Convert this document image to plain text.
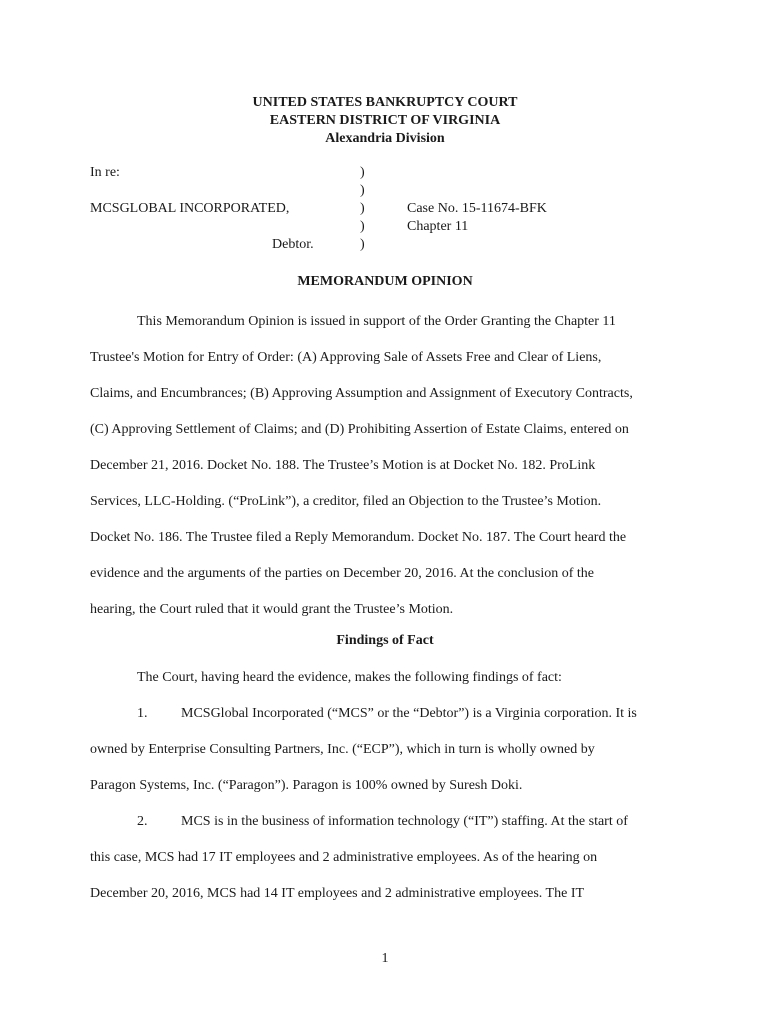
UNITED STATES BANKRUPTCY COURT
EASTERN DISTRICT OF VIRGINIA
Alexandria Division
In re:
MCSGLOBAL INCORPORATED,
Debtor.
)
)
)
)
)
Case No. 15-11674-BFK
Chapter 11
MEMORANDUM OPINION
This Memorandum Opinion is issued in support of the Order Granting the Chapter 11
Trustee's Motion for Entry of Order: (A) Approving Sale of Assets Free and Clear of Liens,
Claims, and Encumbrances; (B) Approving Assumption and Assignment of Executory Contracts,
(C) Approving Settlement of Claims; and (D) Prohibiting Assertion of Estate Claims, entered on
December 21, 2016. Docket No. 188. The Trustee’s Motion is at Docket No. 182. ProLink
Services, LLC-Holding. (“ProLink”), a creditor, filed an Objection to the Trustee’s Motion.
Docket No. 186. The Trustee filed a Reply Memorandum. Docket No. 187. The Court heard the
evidence and the arguments of the parties on December 20, 2016. At the conclusion of the
hearing, the Court ruled that it would grant the Trustee’s Motion.
Findings of Fact
The Court, having heard the evidence, makes the following findings of fact:
1. MCSGlobal Incorporated (“MCS” or the “Debtor”) is a Virginia corporation. It is
owned by Enterprise Consulting Partners, Inc. (“ECP”), which in turn is wholly owned by
Paragon Systems, Inc. (“Paragon”). Paragon is 100% owned by Suresh Doki.
2. MCS is in the business of information technology (“IT”) staffing. At the start of
this case, MCS had 17 IT employees and 2 administrative employees. As of the hearing on
December 20, 2016, MCS had 14 IT employees and 2 administrative employees. The IT
1
